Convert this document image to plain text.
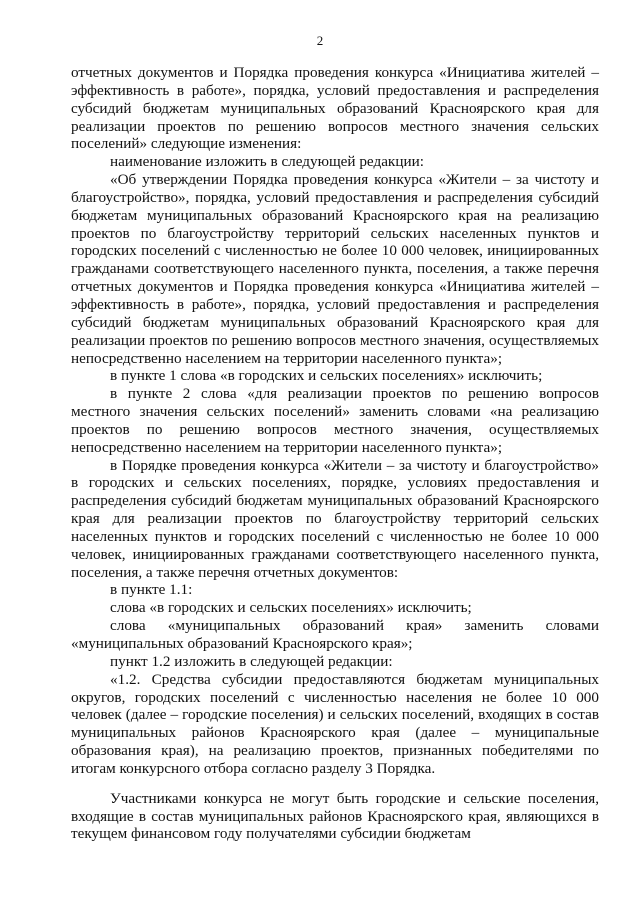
2

отчетных документов и Порядка проведения конкурса «Инициатива жителей – эффективность в работе», порядка, условий предоставления и распределения субсидий бюджетам муниципальных образований Красноярского края для реализации проектов по решению вопросов местного значения сельских поселений» следующие изменения:

наименование изложить в следующей редакции:

«Об утверждении Порядка проведения конкурса «Жители – за чистоту и благоустройство», порядка, условий предоставления и распределения субсидий бюджетам муниципальных образований Красноярского края на реализацию проектов по благоустройству территорий сельских населенных пунктов и городских поселений с численностью не более 10 000 человек, инициированных гражданами соответствующего населенного пункта, поселения, а также перечня отчетных документов и Порядка проведения конкурса «Инициатива жителей – эффективность в работе», порядка, условий предоставления и распределения субсидий бюджетам муниципальных образований Красноярского края для реализации проектов по решению вопросов местного значения, осуществляемых непосредственно населением на территории населенного пункта»;

в пункте 1 слова «в городских и сельских поселениях» исключить;

в пункте 2 слова «для реализации проектов по решению вопросов местного значения сельских поселений» заменить словами «на реализацию проектов по решению вопросов местного значения, осуществляемых непосредственно населением на территории населенного пункта»;

в Порядке проведения конкурса «Жители – за чистоту и благоустройство» в городских и сельских поселениях, порядке, условиях предоставления и распределения субсидий бюджетам муниципальных образований Красноярского края для реализации проектов по благоустройству территорий сельских населенных пунктов и городских поселений с численностью не более 10 000 человек, инициированных гражданами соответствующего населенного пункта, поселения, а также перечня отчетных документов:

в пункте 1.1:

слова «в городских и сельских поселениях» исключить;

слова «муниципальных образований края» заменить словами «муниципальных образований Красноярского края»;

пункт 1.2 изложить в следующей редакции:

«1.2. Средства субсидии предоставляются бюджетам муниципальных округов, городских поселений с численностью населения не более 10 000 человек (далее – городские поселения) и сельских поселений, входящих в состав муниципальных районов Красноярского края (далее – муниципальные образования края), на реализацию проектов, признанных победителями по итогам конкурсного отбора согласно разделу 3 Порядка.

Участниками конкурса не могут быть городские и сельские поселения, входящие в состав муниципальных районов Красноярского края, являющихся в текущем финансовом году получателями субсидии бюджетам
